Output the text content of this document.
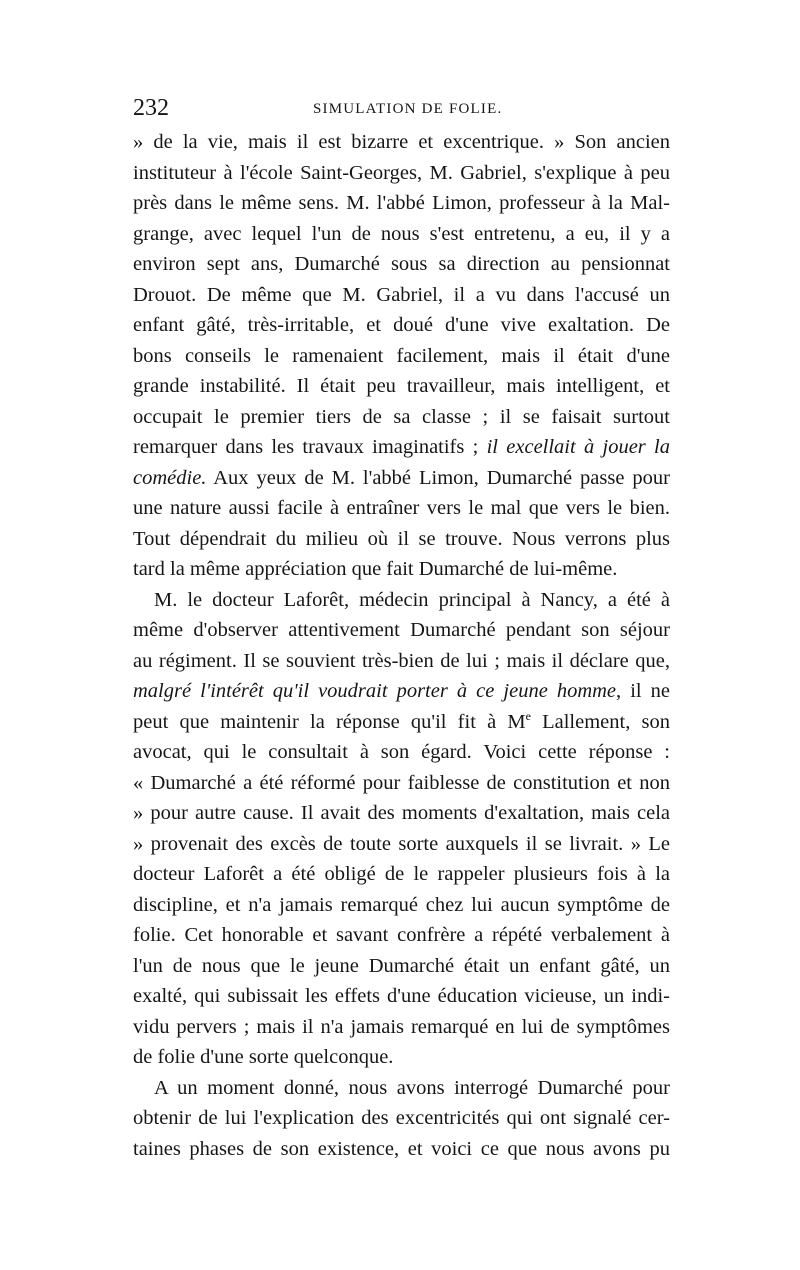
232	SIMULATION DE FOLIE.
» de la vie, mais il est bizarre et excentrique. » Son ancien
instituteur à l'école Saint-Georges, M. Gabriel, s'explique à peu
près dans le même sens. M. l'abbé Limon, professeur à la Mal-
grange, avec lequel l'un de nous s'est entretenu, a eu, il y a
environ sept ans, Dumarché sous sa direction au pensionnat
Drouot. De même que M. Gabriel, il a vu dans l'accusé un
enfant gâté, très-irritable, et doué d'une vive exaltation. De
bons conseils le ramenaient facilement, mais il était d'une
grande instabilité. Il était peu travailleur, mais intelligent, et
occupait le premier tiers de sa classe ; il se faisait surtout
remarquer dans les travaux imaginatifs ; il excellait à jouer la
comédie. Aux yeux de M. l'abbé Limon, Dumarché passe pour
une nature aussi facile à entraîner vers le mal que vers le bien.
Tout dépendrait du milieu où il se trouve. Nous verrons plus
tard la même appréciation que fait Dumarché de lui-même.
M. le docteur Laforêt, médecin principal à Nancy, a été à
même d'observer attentivement Dumarché pendant son séjour
au régiment. Il se souvient très-bien de lui ; mais il déclare que,
malgré l'intérêt qu'il voudrait porter à ce jeune homme, il ne
peut que maintenir la réponse qu'il fit à Me Lallement, son
avocat, qui le consultait à son égard. Voici cette réponse :
« Dumarché a été réformé pour faiblesse de constitution et non
» pour autre cause. Il avait des moments d'exaltation, mais cela
» provenait des excès de toute sorte auxquels il se livrait. » Le
docteur Laforêt a été obligé de le rappeler plusieurs fois à la
discipline, et n'a jamais remarqué chez lui aucun symptôme de
folie. Cet honorable et savant confrère a répété verbalement à
l'un de nous que le jeune Dumarché était un enfant gâté, un
exalté, qui subissait les effets d'une éducation vicieuse, un indi-
vidu pervers ; mais il n'a jamais remarqué en lui de symptômes
de folie d'une sorte quelconque.
A un moment donné, nous avons interrogé Dumarché pour
obtenir de lui l'explication des excentricités qui ont signalé cer-
taines phases de son existence, et voici ce que nous avons pu
